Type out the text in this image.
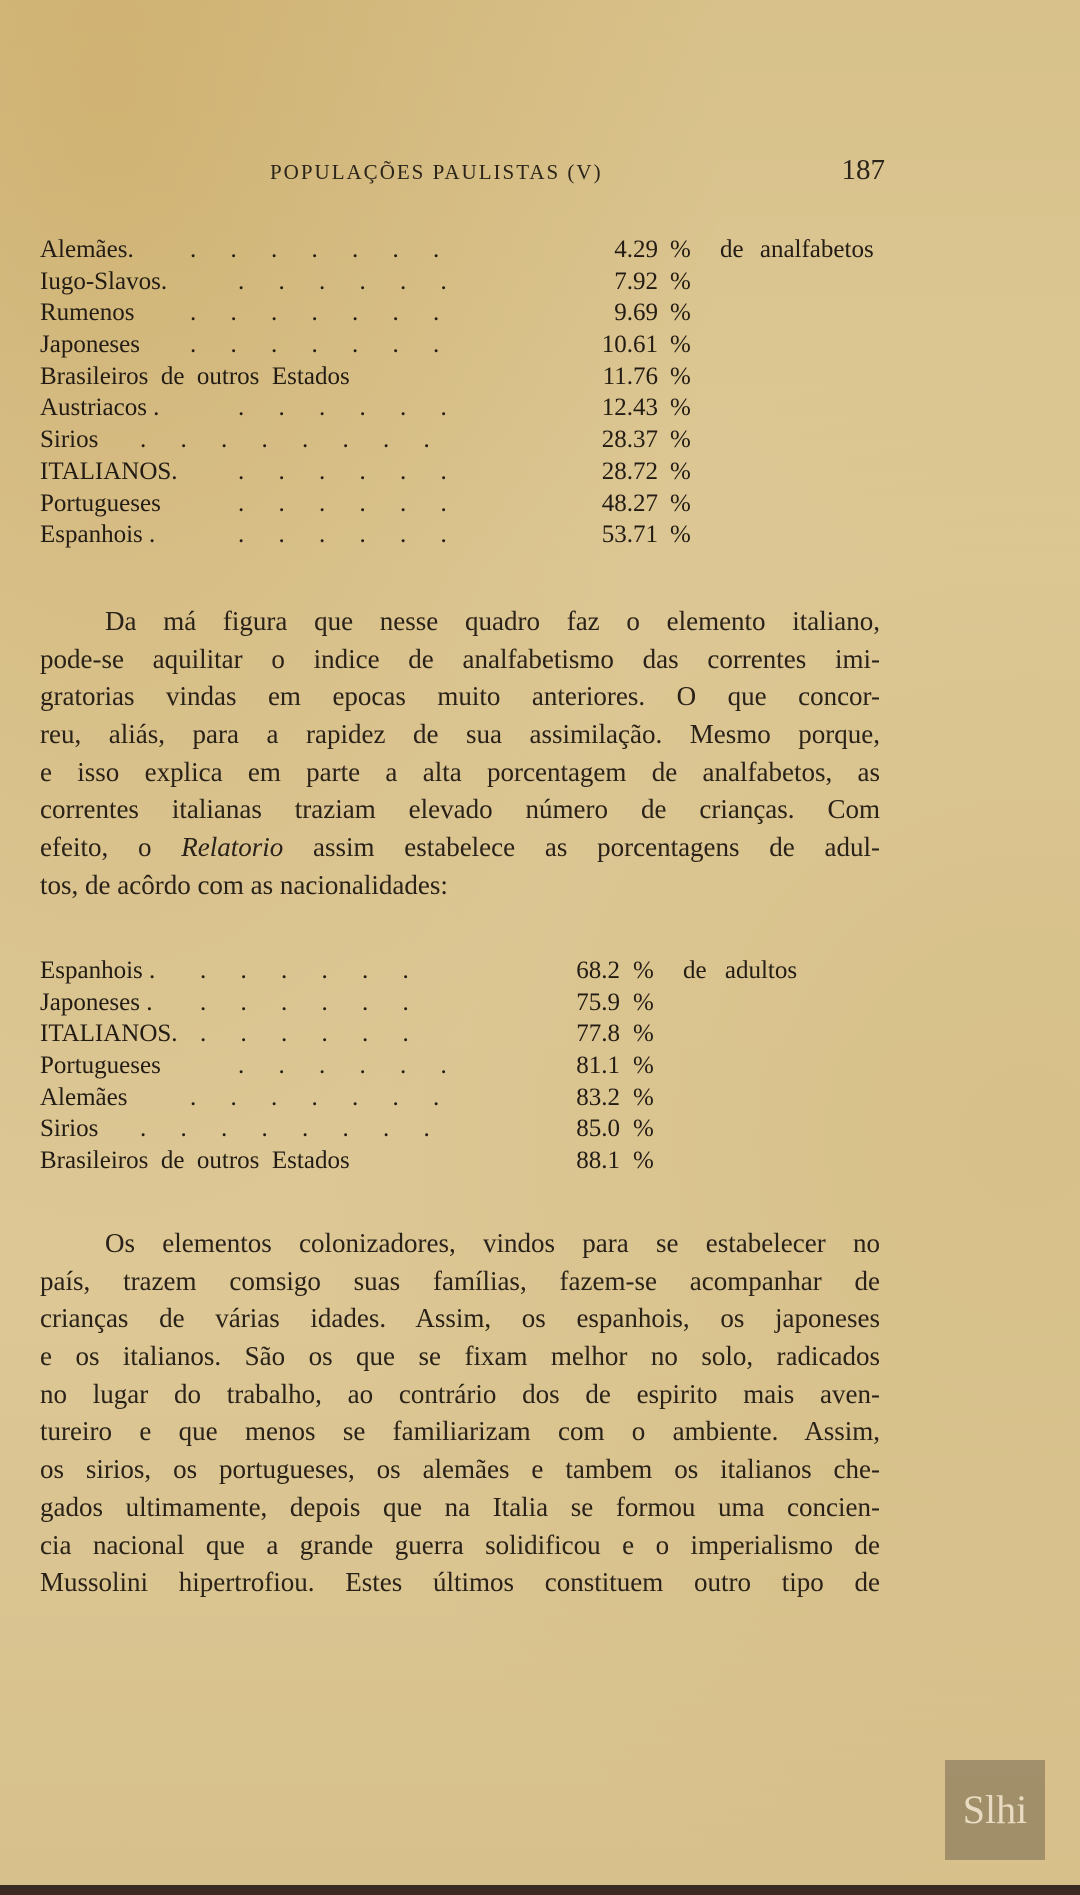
POPULAÇÕES PAULISTAS (V)	187
Alemães. . . . . . . .	4.29 % de analfabetos
Iugo-Slavos.	. . . . . .	7.92 %
Rumenos . . . . . . .	9.69 %
Japoneses . . . . . . .	10.61 %
Brasileiros  de  outros  Estados	11.76 %
Austriacos .	. . . . . .	12.43 %
Sirios . . . . . . . .	28.37 %
ITALIANOS. . . . . . .	28.72 %
Portugueses	. . . . . .	48.27 %
Espanhois .	. . . . . .	53.71 %
Da má figura que nesse quadro faz o elemento italiano,
pode-se aquilitar o indice de analfabetismo das correntes imi-
gratorias vindas em epocas muito anteriores. O que concor-
reu, aliás, para a rapidez de sua assimilação. Mesmo porque,
e isso explica em parte a alta porcentagem de analfabetos, as
correntes italianas traziam elevado número de crianças. Com
efeito, o Relatorio assim estabelece as porcentagens de adul-
tos, de acôrdo com as nacionalidades:
Espanhois . . . . . . .	68.2 % de adultos
Japoneses . . . . . . .	75.9 %
ITALIANOS. . . . . . .	77.8 %
Portugueses	. . . . . .	81.1 %
Alemães	. . . . . . .	83.2 %
Sirios . . . . . . . .	85.0 %
Brasileiros  de  outros  Estados	88.1 %
Os elementos colonizadores, vindos para se estabelecer no
país, trazem comsigo suas famílias, fazem-se acompanhar de
crianças de várias idades. Assim, os espanhois, os japoneses
e os italianos. São os que se fixam melhor no solo, radicados
no lugar do trabalho, ao contrário dos de espirito mais aven-
tureiro e que menos se familiarizam com o ambiente. Assim,
os sirios, os portugueses, os alemães e tambem os italianos che-
gados ultimamente, depois que na Italia se formou uma concien-
cia nacional que a grande guerra solidificou e o imperialismo de
Mussolini hipertrofiou. Estes últimos constituem outro tipo de
Slhi
